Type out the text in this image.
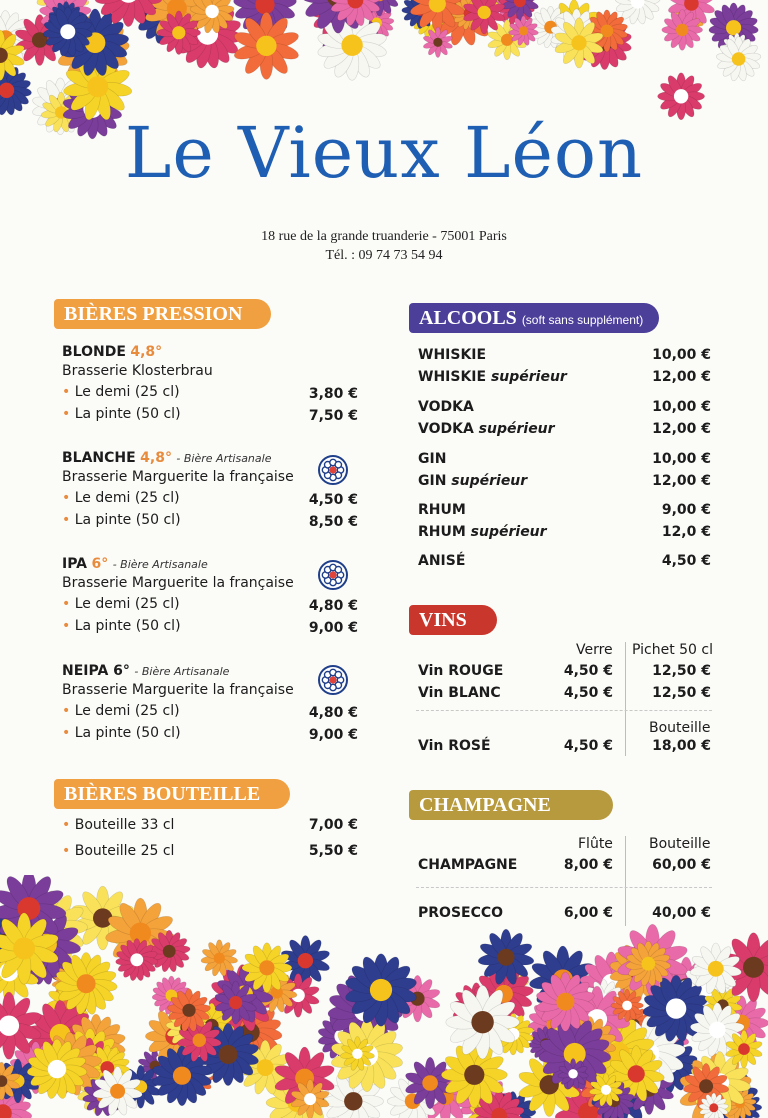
Le Vieux Léon
18 rue de la grande truanderie - 75001 Paris
Tél. : 09 74 73 54 94
BIÈRES PRESSION
BLONDE 4,8°
Brasserie Klosterbrau
• Le demi (25 cl)	3,80 €
• La pinte (50 cl)	7,50 €
BLANCHE 4,8° - Bière Artisanale
Brasserie Marguerite la française
• Le demi (25 cl)	4,50 €
• La pinte (50 cl)	8,50 €
IPA 6° - Bière Artisanale
Brasserie Marguerite la française
• Le demi (25 cl)	4,80 €
• La pinte (50 cl)	9,00 €
NEIPA 6° - Bière Artisanale
Brasserie Marguerite la française
• Le demi (25 cl)	4,80 €
• La pinte (50 cl)	9,00 €
BIÈRES BOUTEILLE
• Bouteille 33 cl	7,00 €
• Bouteille 25 cl	5,50 €
ALCOOLS (soft sans supplément)
WHISKIE	10,00 €
WHISKIE supérieur	12,00 €
VODKA	10,00 €
VODKA supérieur	12,00 €
GIN	10,00 €
GIN supérieur	12,00 €
RHUM	9,00 €
RHUM supérieur	12,0 €
ANISÉ	4,50 €
VINS
Verre Pichet 50 cl
Vin ROUGE	4,50 €	12,50 €
Vin BLANC	4,50 €	12,50 €
Bouteille
Vin ROSÉ	4,50 €	18,00 €
CHAMPAGNE
Flûte	Bouteille
CHAMPAGNE	8,00 €	60,00 €
PROSECCO	6,00 €	40,00 €
